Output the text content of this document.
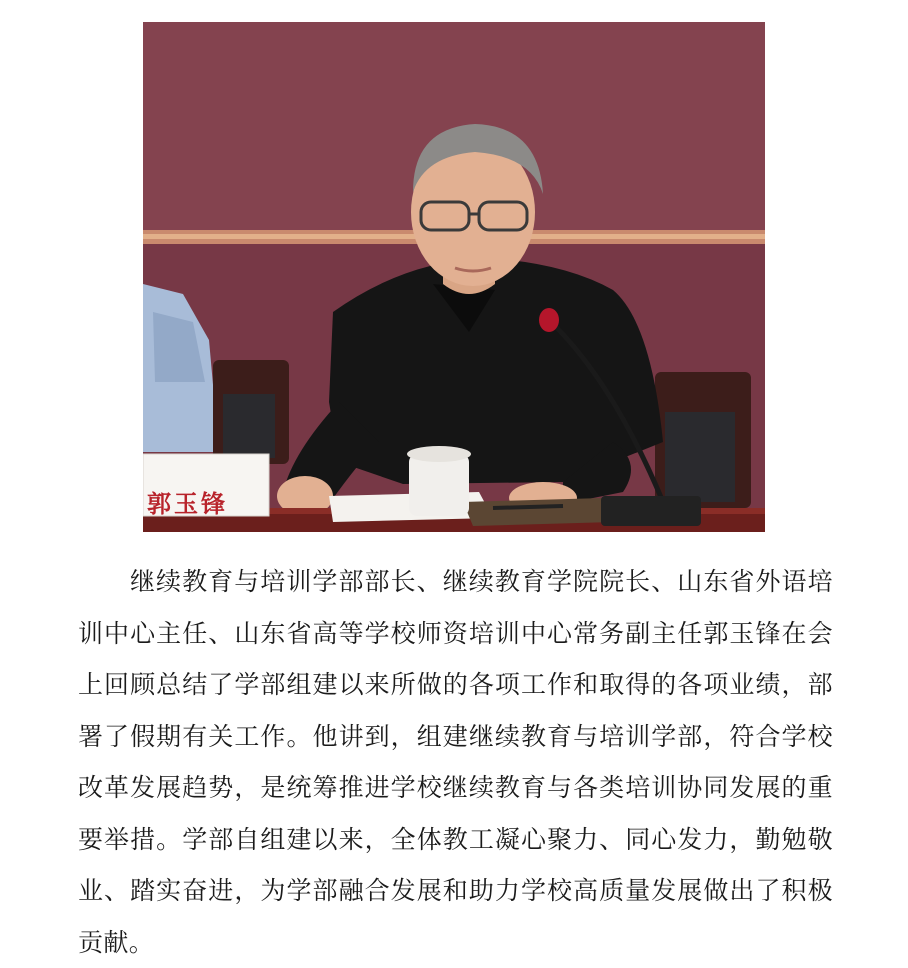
郭玉锋

继续教育与培训学部部长、继续教育学院院长、山东省外语培训中心主任、山东省高等学校师资培训中心常务副主任郭玉锋在会上回顾总结了学部组建以来所做的各项工作和取得的各项业绩，部署了假期有关工作。他讲到，组建继续教育与培训学部，符合学校改革发展趋势，是统筹推进学校继续教育与各类培训协同发展的重要举措。学部自组建以来，全体教工凝心聚力、同心发力，勤勉敬业、踏实奋进，为学部融合发展和助力学校高质量发展做出了积极贡献。
